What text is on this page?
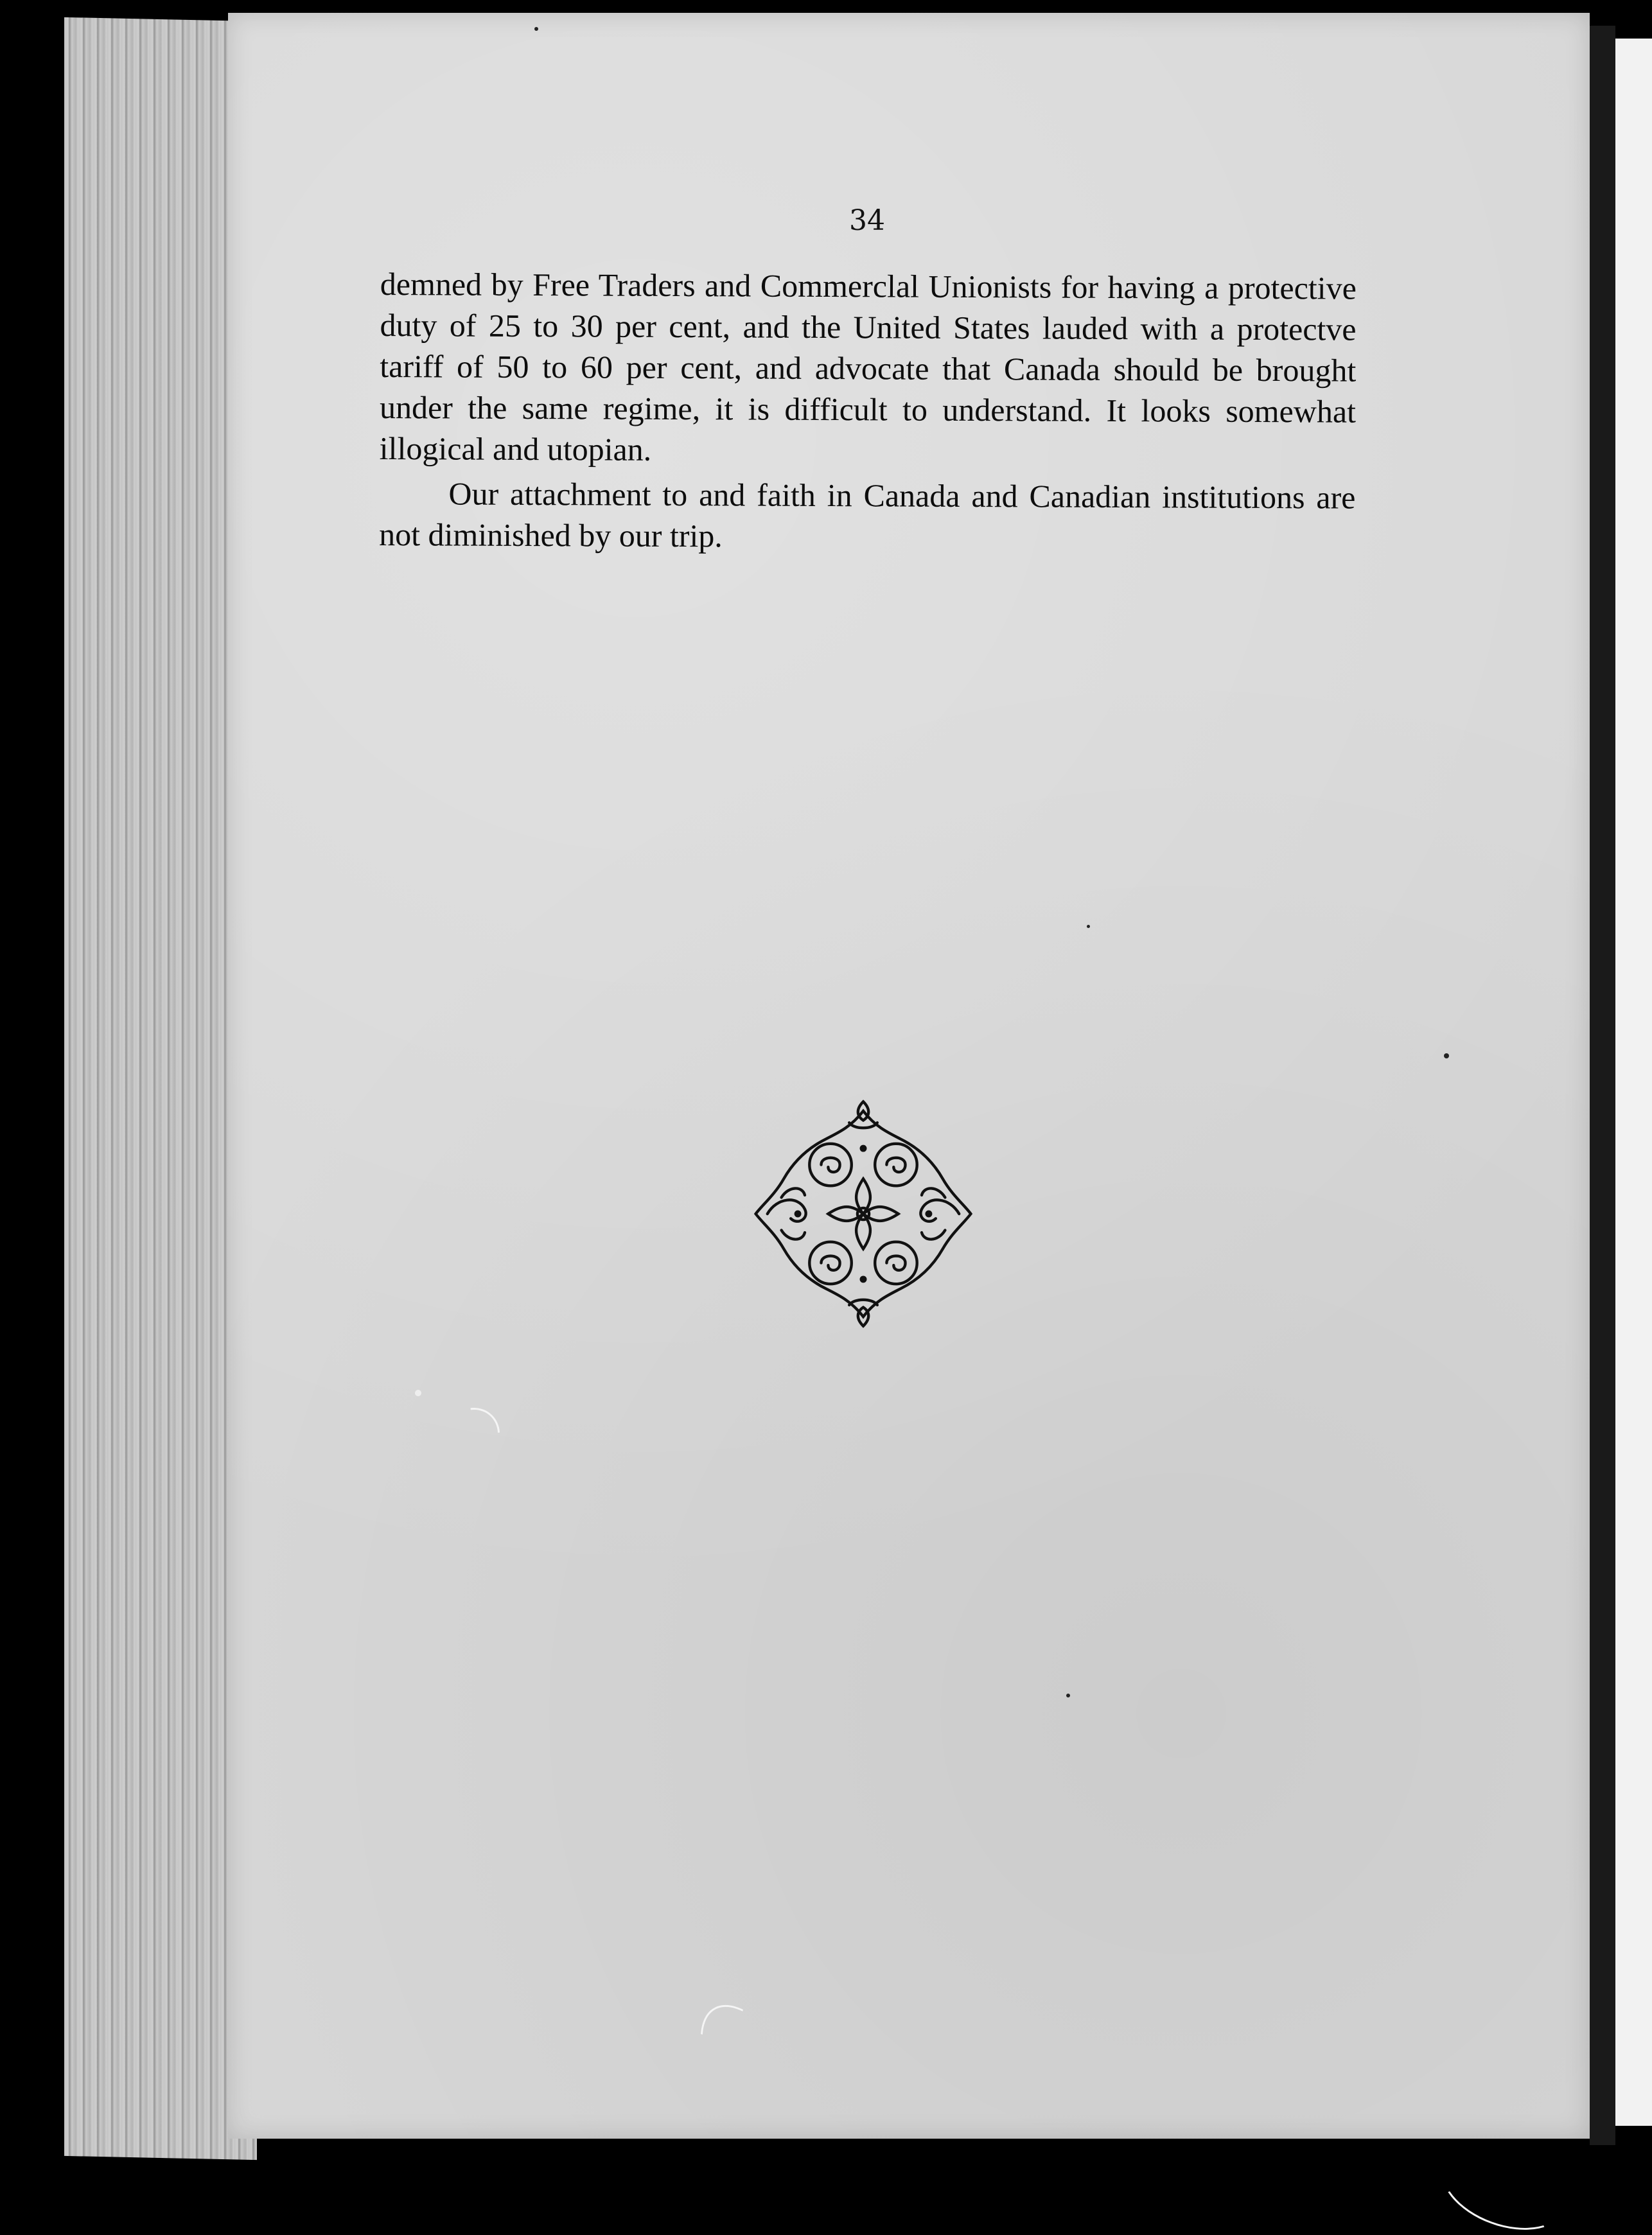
34

demned by Free Traders and Commerclal Unionists for having a protective duty of 25 to 30 per cent, and the United States lauded with a protectve tariff of 50 to 60 per cent, and advocate that Canada should be brought under the same regime, it is difficult to understand. It looks somewhat illogical and utopian.

Our attachment to and faith in Canada and Canadian institutions are not diminished by our trip.
